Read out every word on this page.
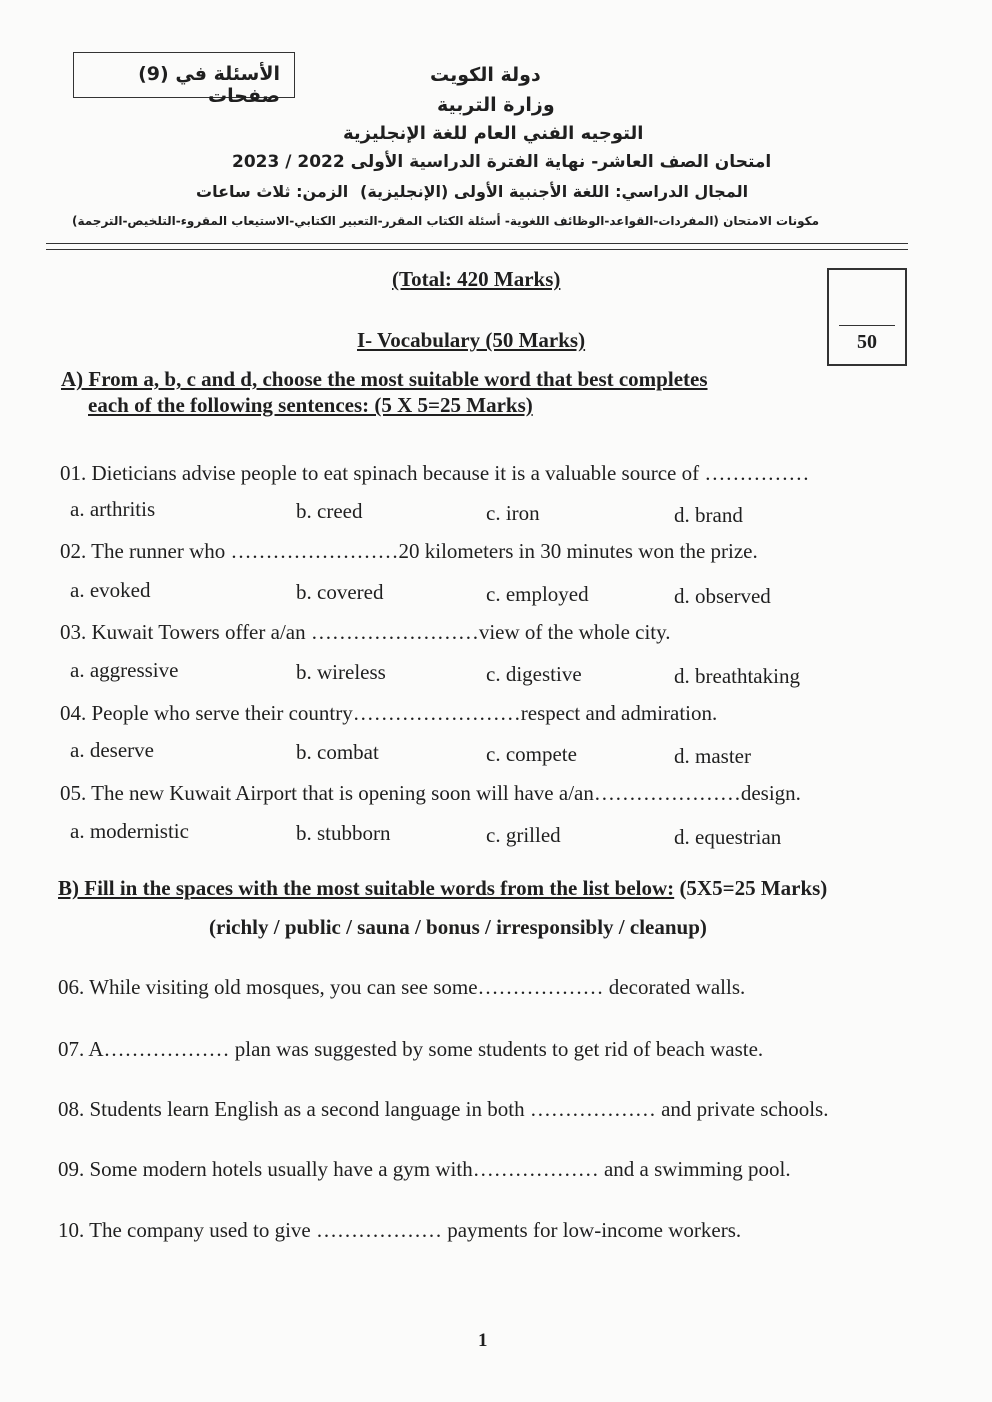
الأسئلة في (9) صفحات
دولة الكويت
وزارة التربية
التوجيه الفني العام للغة الإنجليزية
امتحان الصف العاشر- نهاية الفترة الدراسية الأولى 2022 / 2023
الزمن: ثلاث ساعات المجال الدراسي: اللغة الأجنبية الأولى (الإنجليزية)
مكونات الامتحان (المفردات-القواعد-الوظائف اللغوية- أسئلة الكتاب المقرر-التعبير الكتابي-الاستيعاب المقروء-التلخيص-الترجمة)
50
(Total: 420 Marks)
I- Vocabulary (50 Marks)
A) From a, b, c and d, choose the most suitable word that best completes
each of the following sentences: (5 X 5=25 Marks)
01. Dieticians advise people to eat spinach because it is a valuable source of ……………
a. arthritis	b. creed	c. iron	d. brand
02. The runner who ……………………20 kilometers in 30 minutes won the prize.
a. evoked	b. covered	c. employed	d. observed
03. Kuwait Towers offer a/an ……………………view of the whole city.
a. aggressive	b. wireless	c. digestive	d. breathtaking
04. People who serve their country……………………respect and admiration.
a. deserve	b. combat	c. compete	d. master
05. The new Kuwait Airport that is opening soon will have a/an…………………design.
a. modernistic	b. stubborn	c. grilled	d. equestrian
B) Fill in the spaces with the most suitable words from the list below: (5X5=25 Marks)
(richly / public / sauna / bonus / irresponsibly / cleanup)
06. While visiting old mosques, you can see some……………… decorated walls.
07. A……………… plan was suggested by some students to get rid of beach waste.
08. Students learn English as a second language in both ……………… and private schools.
09. Some modern hotels usually have a gym with……………… and a swimming pool.
10. The company used to give ……………… payments for low-income workers.
1
